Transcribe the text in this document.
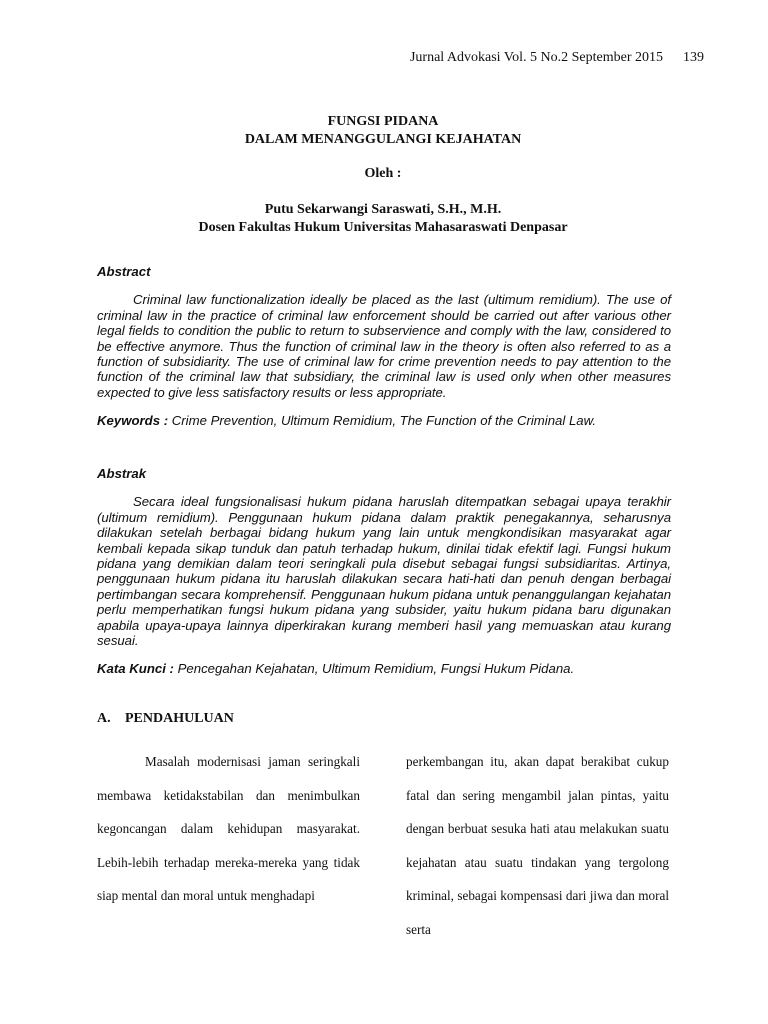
Jurnal Advokasi Vol. 5 No.2 September 2015 139
FUNGSI PIDANA
DALAM MENANGGULANGI KEJAHATAN
Oleh :
Putu Sekarwangi Saraswati, S.H., M.H.
Dosen Fakultas Hukum Universitas Mahasaraswati Denpasar

Abstract

Criminal law functionalization ideally be placed as the last (ultimum remidium). The use of criminal law in the practice of criminal law enforcement should be carried out after various other legal fields to condition the public to return to subservience and comply with the law, considered to be effective anymore. Thus the function of criminal law in the theory is often also referred to as a function of subsidiarity. The use of criminal law for crime prevention needs to pay attention to the function of the criminal law that subsidiary, the criminal law is used only when other measures expected to give less satisfactory results or less appropriate.

Keywords : Crime Prevention, Ultimum Remidium, The Function of the Criminal Law.

Abstrak

Secara ideal fungsionalisasi hukum pidana haruslah ditempatkan sebagai upaya terakhir (ultimum remidium). Penggunaan hukum pidana dalam praktik penegakannya, seharusnya dilakukan setelah berbagai bidang hukum yang lain untuk mengkondisikan masyarakat agar kembali kepada sikap tunduk dan patuh terhadap hukum, dinilai tidak efektif lagi. Fungsi hukum pidana yang demikian dalam teori seringkali pula disebut sebagai fungsi subsidiaritas. Artinya, penggunaan hukum pidana itu haruslah dilakukan secara hati-hati dan penuh dengan berbagai pertimbangan secara komprehensif. Penggunaan hukum pidana untuk penanggulangan kejahatan perlu memperhatikan fungsi hukum pidana yang subsider, yaitu hukum pidana baru digunakan apabila upaya-upaya lainnya diperkirakan kurang memberi hasil yang memuaskan atau kurang sesuai.

Kata Kunci : Pencegahan Kejahatan, Ultimum Remidium, Fungsi Hukum Pidana.

A. PENDAHULUAN

Masalah modernisasi jaman seringkali membawa ketidakstabilan dan menimbulkan kegoncangan dalam kehidupan masyarakat. Lebih-lebih terhadap mereka-mereka yang tidak siap mental dan moral untuk menghadapi

perkembangan itu, akan dapat berakibat cukup fatal dan sering mengambil jalan pintas, yaitu dengan berbuat sesuka hati atau melakukan suatu kejahatan atau suatu tindakan yang tergolong kriminal, sebagai kompensasi dari jiwa dan moral serta
